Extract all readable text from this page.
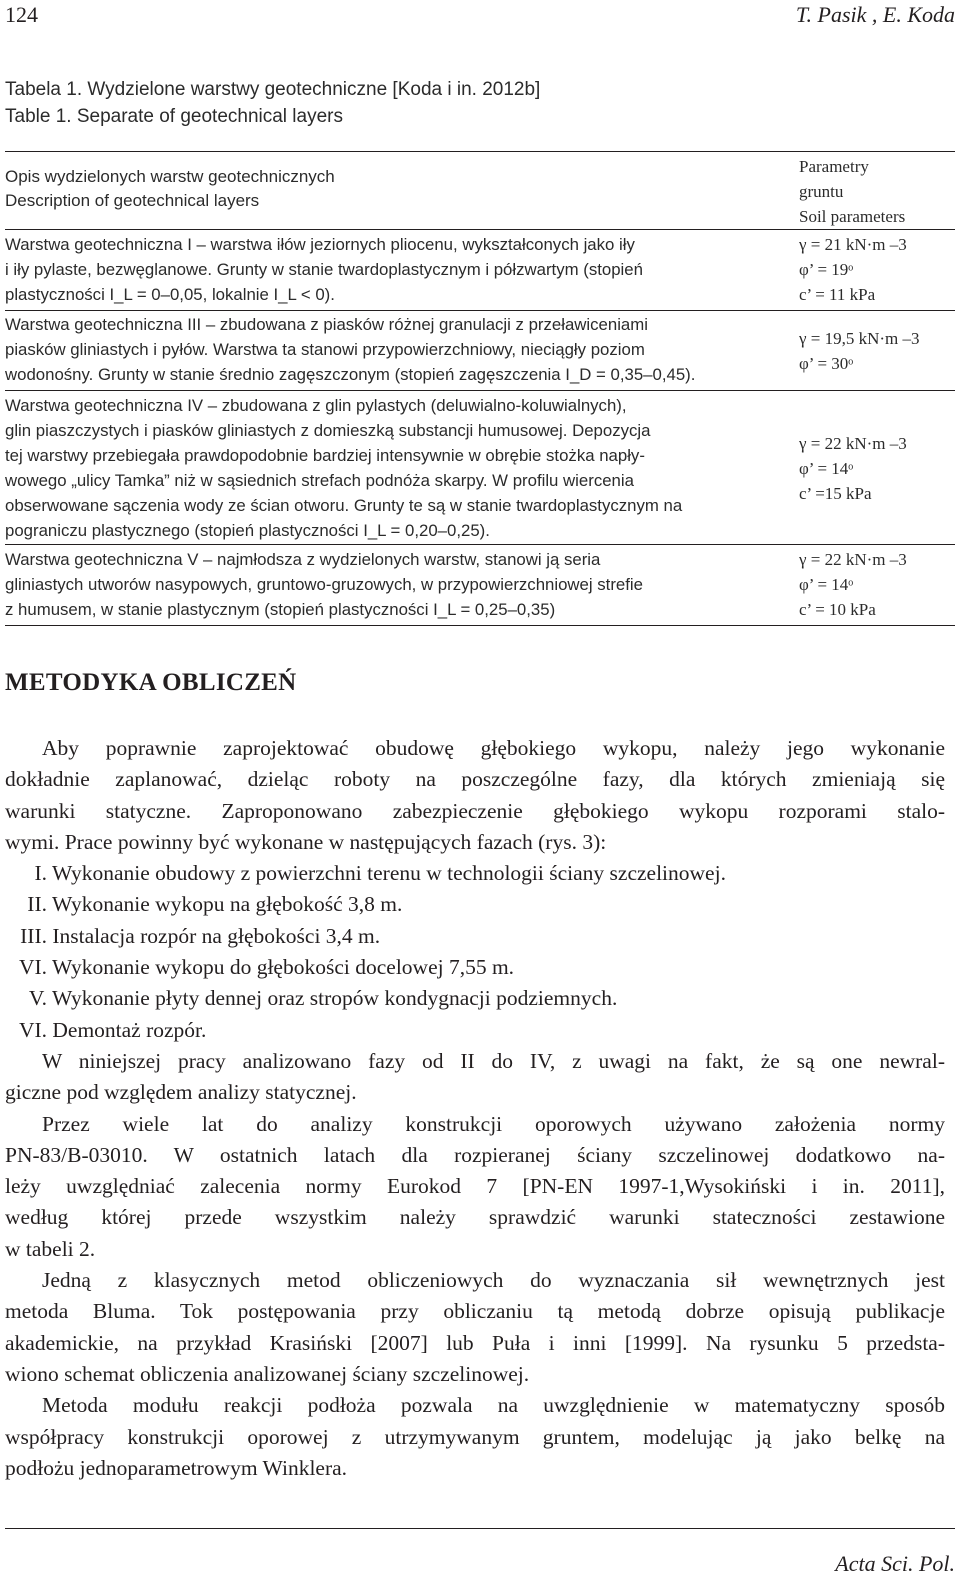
124	T. Pasik , E. Koda
Tabela 1. Wydzielone warstwy geotechniczne [Koda i in. 2012b]
Table 1. Separate of geotechnical layers
Opis wydzielonych warstw geotechnicznych
Description of geotechnical layers
Parametry
gruntu
Soil parameters
Warstwa geotechniczna I – warstwa iłów jeziornych pliocenu, wykształconych jako iły
i iły pylaste, bezwęglanowe. Grunty w stanie twardoplastycznym i półzwartym (stopień
plastyczności I_L = 0–0,05, lokalnie I_L < 0).
γ = 21 kN·m –3
φ’ = 19ᵒ
c’ = 11 kPa
Warstwa geotechniczna III – zbudowana z piasków różnej granulacji z przeławiceniami
piasków gliniastych i pyłów. Warstwa ta stanowi przypowierzchniowy, nieciągły poziom
wodonośny. Grunty w stanie średnio zagęszczonym (stopień zagęszczenia I_D = 0,35–0,45).
γ = 19,5 kN·m –3
φ’ = 30ᵒ
Warstwa geotechniczna IV – zbudowana z glin pylastych (deluwialno-koluwialnych),
glin piaszczystych i piasków gliniastych z domieszką substancji humusowej. Depozycja
tej warstwy przebiegała prawdopodobnie bardziej intensywnie w obrębie stożka napły-
wowego „ulicy Tamka” niż w sąsiednich strefach podnóża skarpy. W profilu wiercenia
obserwowane sączenia wody ze ścian otworu. Grunty te są w stanie twardoplastycznym na
pograniczu plastycznego (stopień plastyczności I_L = 0,20–0,25).
γ = 22 kN·m –3
φ’ = 14ᵒ
c’ =15 kPa
Warstwa geotechniczna V – najmłodsza z wydzielonych warstw, stanowi ją seria
gliniastych utworów nasypowych, gruntowo-gruzowych, w przypowierzchniowej strefie
z humusem, w stanie plastycznym (stopień plastyczności I_L = 0,25–0,35)
γ = 22 kN·m –3
φ’ = 14ᵒ
c’ = 10 kPa
METODYKA OBLICZEŃ
Aby poprawnie zaprojektować obudowę głębokiego wykopu, należy jego wykonanie
dokładnie zaplanować, dzieląc roboty na poszczególne fazy, dla których zmieniają się
warunki statyczne. Zaproponowano zabezpieczenie głębokiego wykopu rozporami stalo-
wymi. Prace powinny być wykonane w następujących fazach (rys. 3):
I. Wykonanie obudowy z powierzchni terenu w technologii ściany szczelinowej.
II. Wykonanie wykopu na głębokość 3,8 m.
III. Instalacja rozpór na głębokości 3,4 m.
VI. Wykonanie wykopu do głębokości docelowej 7,55 m.
V. Wykonanie płyty dennej oraz stropów kondygnacji podziemnych.
VI. Demontaż rozpór.
W niniejszej pracy analizowano fazy od II do IV, z uwagi na fakt, że są one newral-
giczne pod względem analizy statycznej.
Przez wiele lat do analizy konstrukcji oporowych używano założenia normy
PN-83/B-03010. W ostatnich latach dla rozpieranej ściany szczelinowej dodatkowo na-
leży uwzględniać zalecenia normy Eurokod 7 [PN-EN 1997-1,Wysokiński i in. 2011],
według której przede wszystkim należy sprawdzić warunki stateczności zestawione
w tabeli 2.
Jedną z klasycznych metod obliczeniowych do wyznaczania sił wewnętrznych jest
metoda Bluma. Tok postępowania przy obliczaniu tą metodą dobrze opisują publikacje
akademickie, na przykład Krasiński [2007] lub Puła i inni [1999]. Na rysunku 5 przedsta-
wiono schemat obliczenia analizowanej ściany szczelinowej.
Metoda modułu reakcji podłoża pozwala na uwzględnienie w matematyczny sposób
współpracy konstrukcji oporowej z utrzymywanym gruntem, modelując ją jako belkę na
podłożu jednoparametrowym Winklera.
Acta Sci. Pol.
